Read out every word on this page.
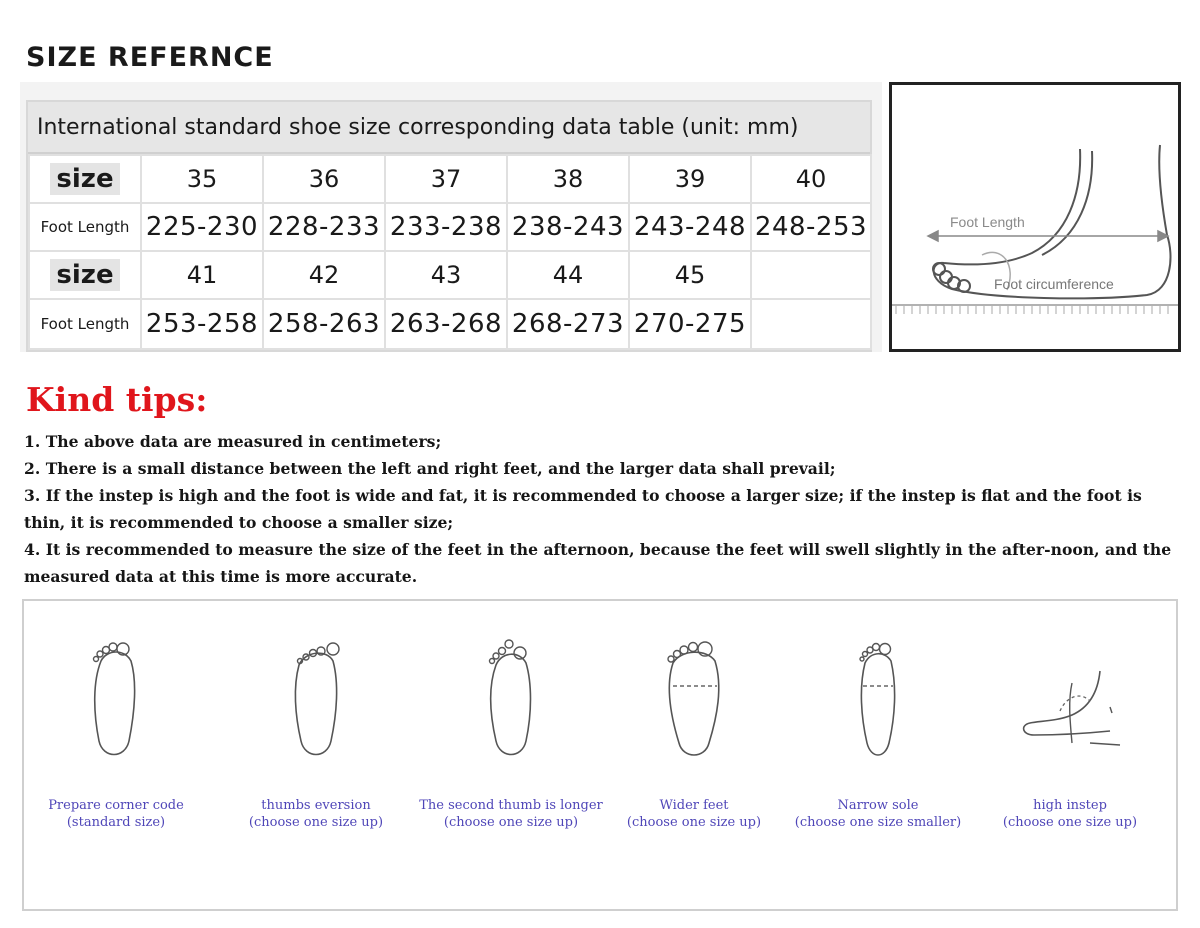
SIZE REFERNCE
International standard shoe size corresponding data table (unit: mm)
size	35	36	37	38	39	40
Foot Length	225-230	228-233	233-238	238-243	243-248	248-253
size	41	42	43	44	45	
Foot Length	253-258	258-263	263-268	268-273	270-275	
Foot Length
Foot circumference
Kind tips:
1. The above data are measured in centimeters;
2. There is a small distance between the left and right feet, and the larger data shall prevail;
3. If the instep is high and the foot is wide and fat, it is recommended to choose a larger size; if the instep is flat and the foot is thin, it is recommended to choose a smaller size;
4. It is recommended to measure the size of the feet in the afternoon, because the feet will swell slightly in the after-noon, and the measured data at this time is more accurate.
Prepare corner code
(standard size)
thumbs eversion
(choose one size up)
The second thumb is longer
(choose one size up)
Wider feet
(choose one size up)
Narrow sole
(choose one size smaller)
high instep
(choose one size up)
